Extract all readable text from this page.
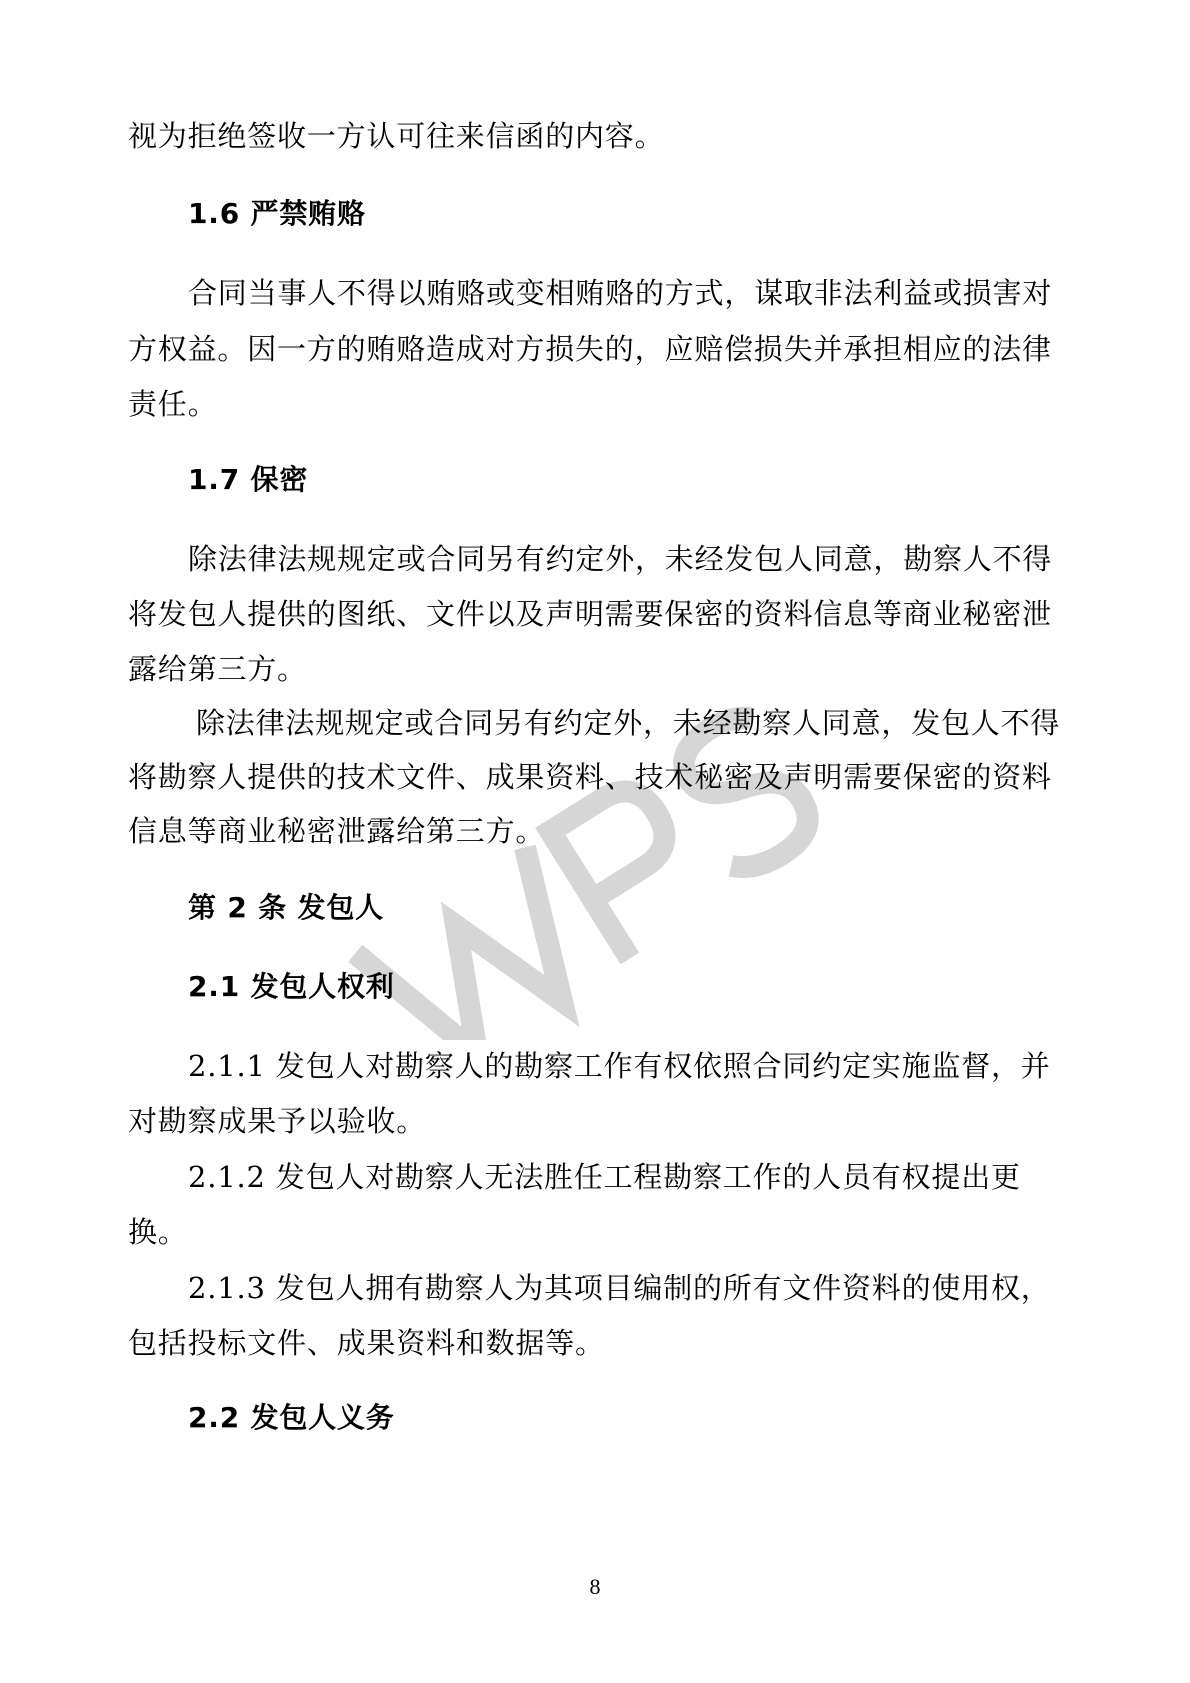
视为拒绝签收一方认可往来信函的内容。
1.6 严禁贿赂
合同当事人不得以贿赂或变相贿赂的方式，谋取非法利益或损害对
方权益。因一方的贿赂造成对方损失的，应赔偿损失并承担相应的法律
责任。
1.7 保密
除法律法规规定或合同另有约定外，未经发包人同意，勘察人不得
将发包人提供的图纸、文件以及声明需要保密的资料信息等商业秘密泄
露给第三方。
除法律法规规定或合同另有约定外，未经勘察人同意，发包人不得
将勘察人提供的技术文件、成果资料、技术秘密及声明需要保密的资料
信息等商业秘密泄露给第三方。
第 2 条 发包人
2.1 发包人权利
2.1.1 发包人对勘察人的勘察工作有权依照合同约定实施监督，并
对勘察成果予以验收。
2.1.2 发包人对勘察人无法胜任工程勘察工作的人员有权提出更
换。
2.1.3 发包人拥有勘察人为其项目编制的所有文件资料的使用权，
包括投标文件、成果资料和数据等。
2.2 发包人义务
8
